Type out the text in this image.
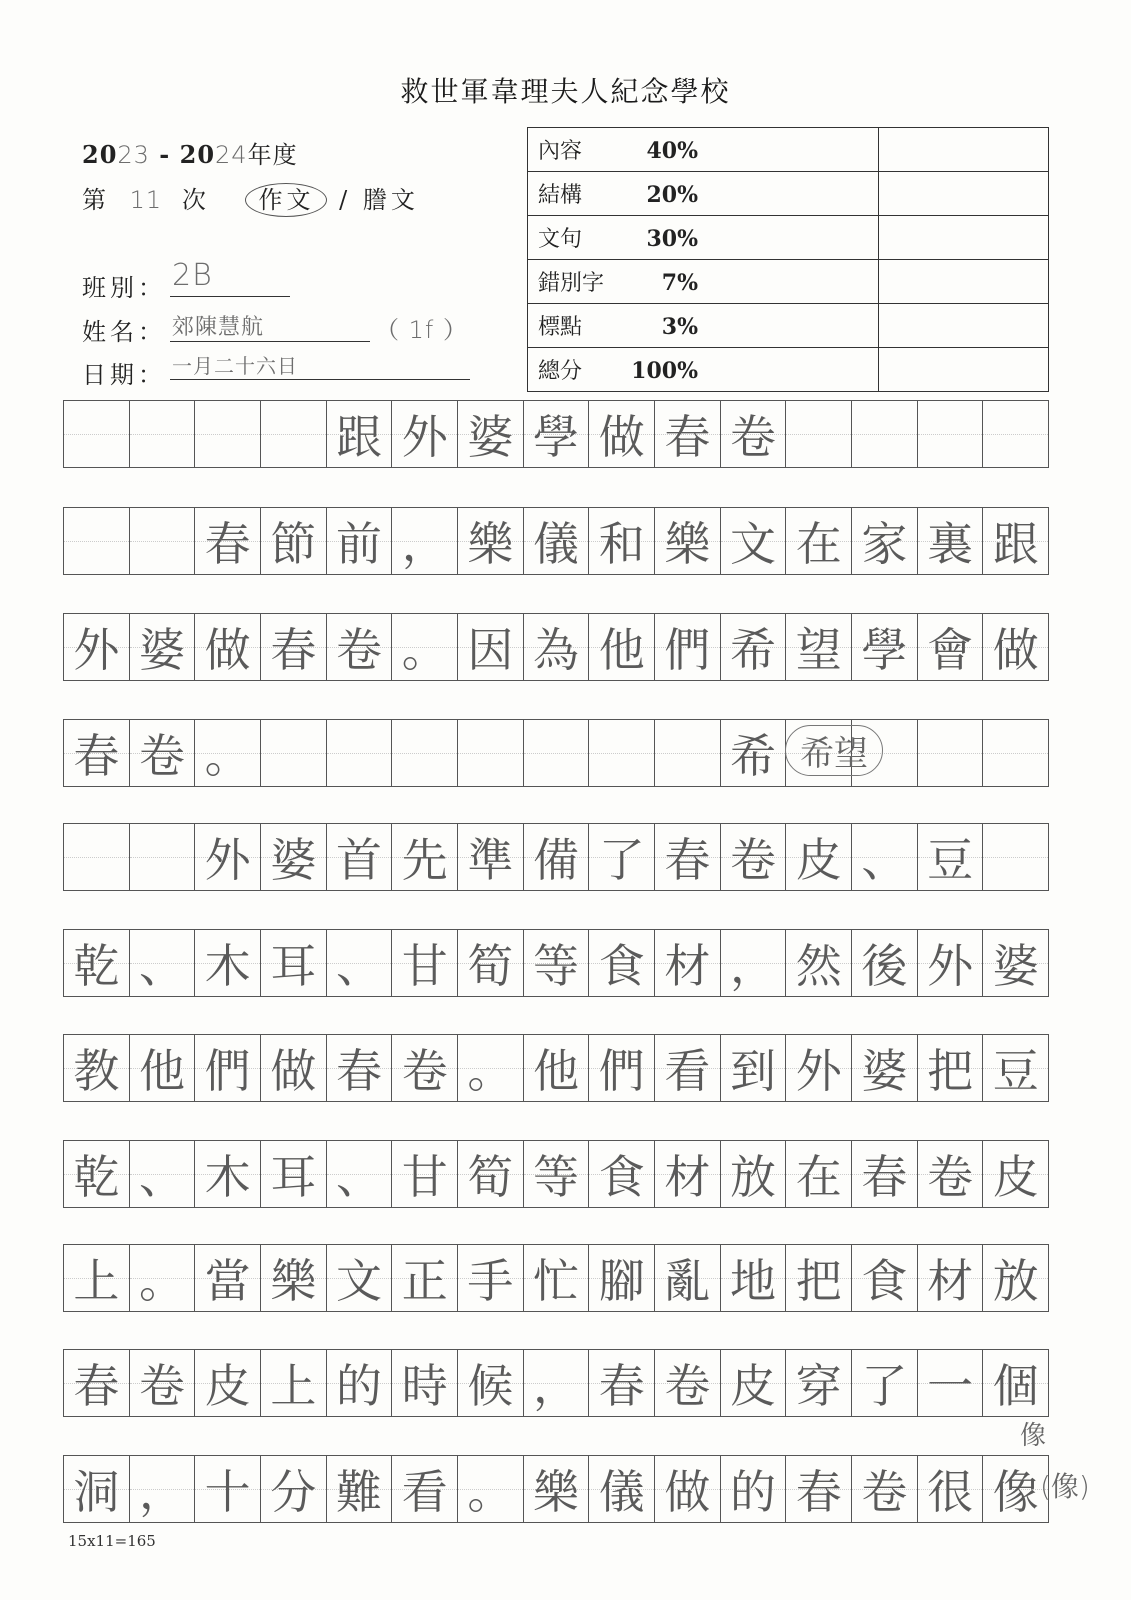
救世軍韋理夫人紀念學校
2023 - 2024年度
第 11 次 作文 / 謄文
班別： 2B
姓名： 郊陳慧航	（ 1f ）
日期： 一月二十六日
內容 40%	
結構 20%	
文句 30%	
錯別字 7%	
標點 3%	
總分 100%	
跟 外 婆 學 做 春 卷
春 節 前 ， 樂 儀 和 樂 文 在 家 裏 跟
外 婆 做 春 卷 。 因 為 他 們 希 望 學 會 做
春 卷 。	希
外 婆 首 先 準 備 了 春 卷 皮 、 豆
乾 、 木 耳 、 甘 筍 等 食 材 ， 然 後 外 婆
教 他 們 做 春 卷 。 他 們 看 到 外 婆 把 豆
乾 、 木 耳 、 甘 筍 等 食 材 放 在 春 卷 皮
上 。 當 樂 文 正 手 忙 腳 亂 地 把 食 材 放
春 卷 皮 上 的 時 候 ， 春 卷 皮 穿 了 一 個
洞 ， 十 分 難 看 。 樂 儀 做 的 春 卷 很 像
希望
像
(像)
15x11=165
